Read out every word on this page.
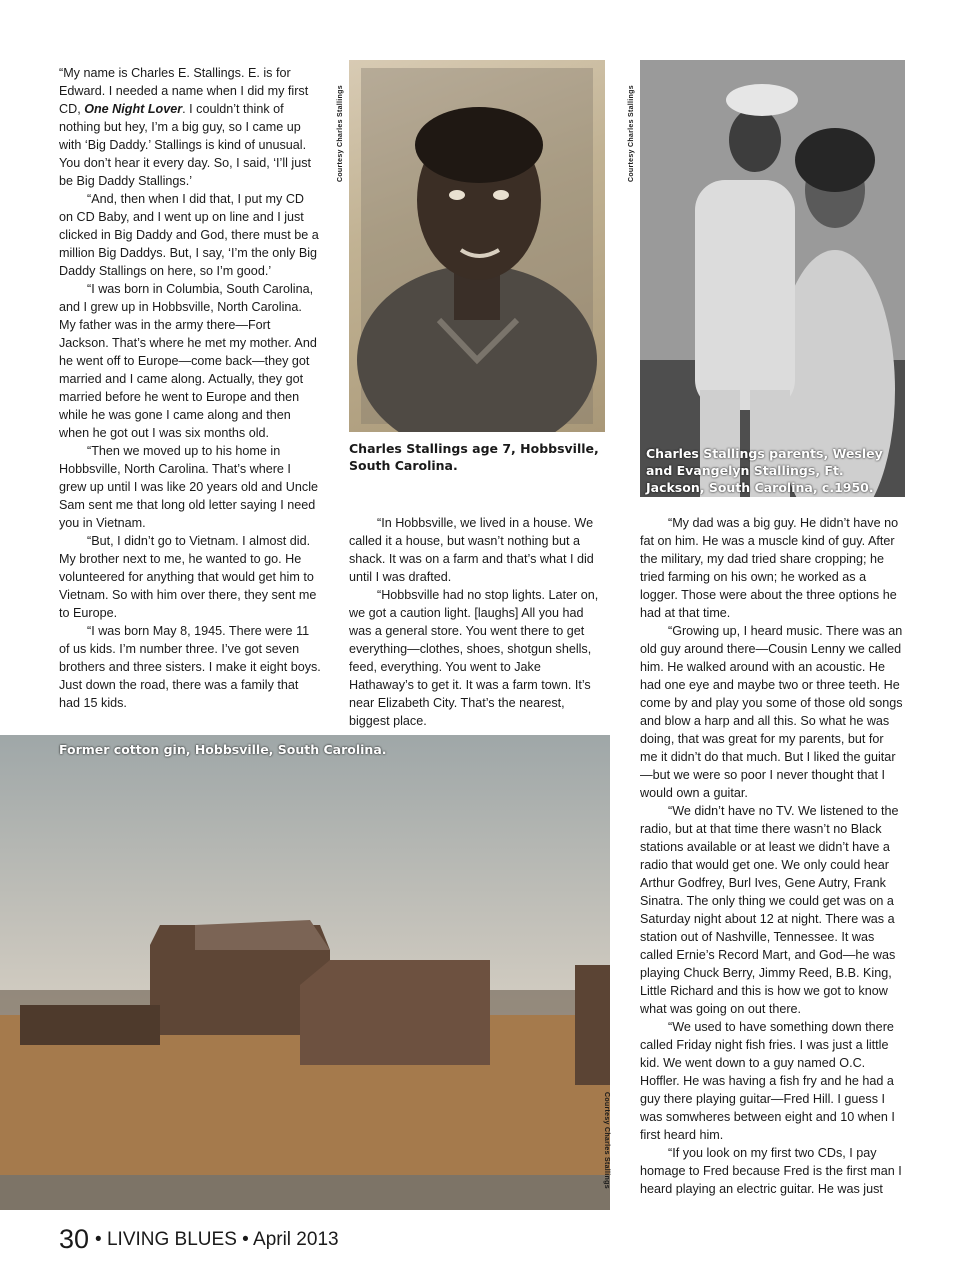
“My name is Charles E. Stallings. E. is for Edward. I needed a name when I did my first CD, One Night Lover. I couldn’t think of nothing but hey, I’m a big guy, so I came up with ‘Big Daddy.’ Stallings is kind of unusual. You don’t hear it every day. So, I said, ‘I’ll just be Big Daddy Stallings.’

“And, then when I did that, I put my CD on CD Baby, and I went up on line and I just clicked in Big Daddy and God, there must be a million Big Daddys. But, I say, ‘I’m the only Big Daddy Stallings on here, so I’m good.’

“I was born in Columbia, South Carolina, and I grew up in Hobbsville, North Carolina. My father was in the army there—Fort Jackson. That’s where he met my mother. And he went off to Europe—come back—they got married and I came along. Actually, they got married before he went to Europe and then while he was gone I came along and then when he got out I was six months old.

“Then we moved up to his home in Hobbsville, North Carolina. That’s where I grew up until I was like 20 years old and Uncle Sam sent me that long old letter saying I need you in Vietnam.

“But, I didn’t go to Vietnam. I almost did. My brother next to me, he wanted to go. He volunteered for anything that would get him to Vietnam. So with him over there, they sent me to Europe.

“I was born May 8, 1945. There were 11 of us kids. I’m number three. I’ve got seven brothers and three sisters. I make it eight boys. Just down the road, there was a family that had 15 kids.

Courtesy Charles Stallings
Charles Stallings age 7, Hobbsville, South Carolina.
Courtesy Charles Stallings
Charles Stallings parents, Wesley and Evangelyn Stallings, Ft. Jackson, South Carolina, c.1950.

“In Hobbsville, we lived in a house. We called it a house, but wasn’t nothing but a shack. It was on a farm and that’s what I did until I was drafted.

“Hobbsville had no stop lights. Later on, we got a caution light. [laughs] All you had was a general store. You went there to get everything—clothes, shoes, shotgun shells, feed, everything. You went to Jake Hathaway’s to get it. It was a farm town. It’s near Elizabeth City. That’s the nearest, biggest place.

“My dad was a big guy. He didn’t have no fat on him. He was a muscle kind of guy. After the military, my dad tried share cropping; he tried farming on his own; he worked as a logger. Those were about the three options he had at that time.

“Growing up, I heard music. There was an old guy around there—Cousin Lenny we called him. He walked around with an acoustic. He had one eye and maybe two or three teeth. He come by and play you some of those old songs and blow a harp and all this. So what he was doing, that was great for my parents, but for me it didn’t do that much. But I liked the guitar—but we were so poor I never thought that I would own a guitar.

“We didn’t have no TV. We listened to the radio, but at that time there wasn’t no Black stations available or at least we didn’t have a radio that would get one. We only could hear Arthur Godfrey, Burl Ives, Gene Autry, Frank Sinatra. The only thing we could get was on a Saturday night about 12 at night. There was a station out of Nashville, Tennessee. It was called Ernie’s Record Mart, and God—he was playing Chuck Berry, Jimmy Reed, B.B. King, Little Richard and this is how we got to know what was going on out there.

“We used to have something down there called Friday night fish fries. I was just a little kid. We went down to a guy named O.C. Hoffler. He was having a fish fry and he had a guy there playing guitar—Fred Hill. I guess I was somwheres between eight and 10 when I first heard him.

“If you look on my first two CDs, I pay homage to Fred because Fred is the first man I heard playing an electric guitar. He was just

Former cotton gin, Hobbsville, South Carolina.
Courtesy Charles Stallings
30 • LIVING BLUES • April 2013
